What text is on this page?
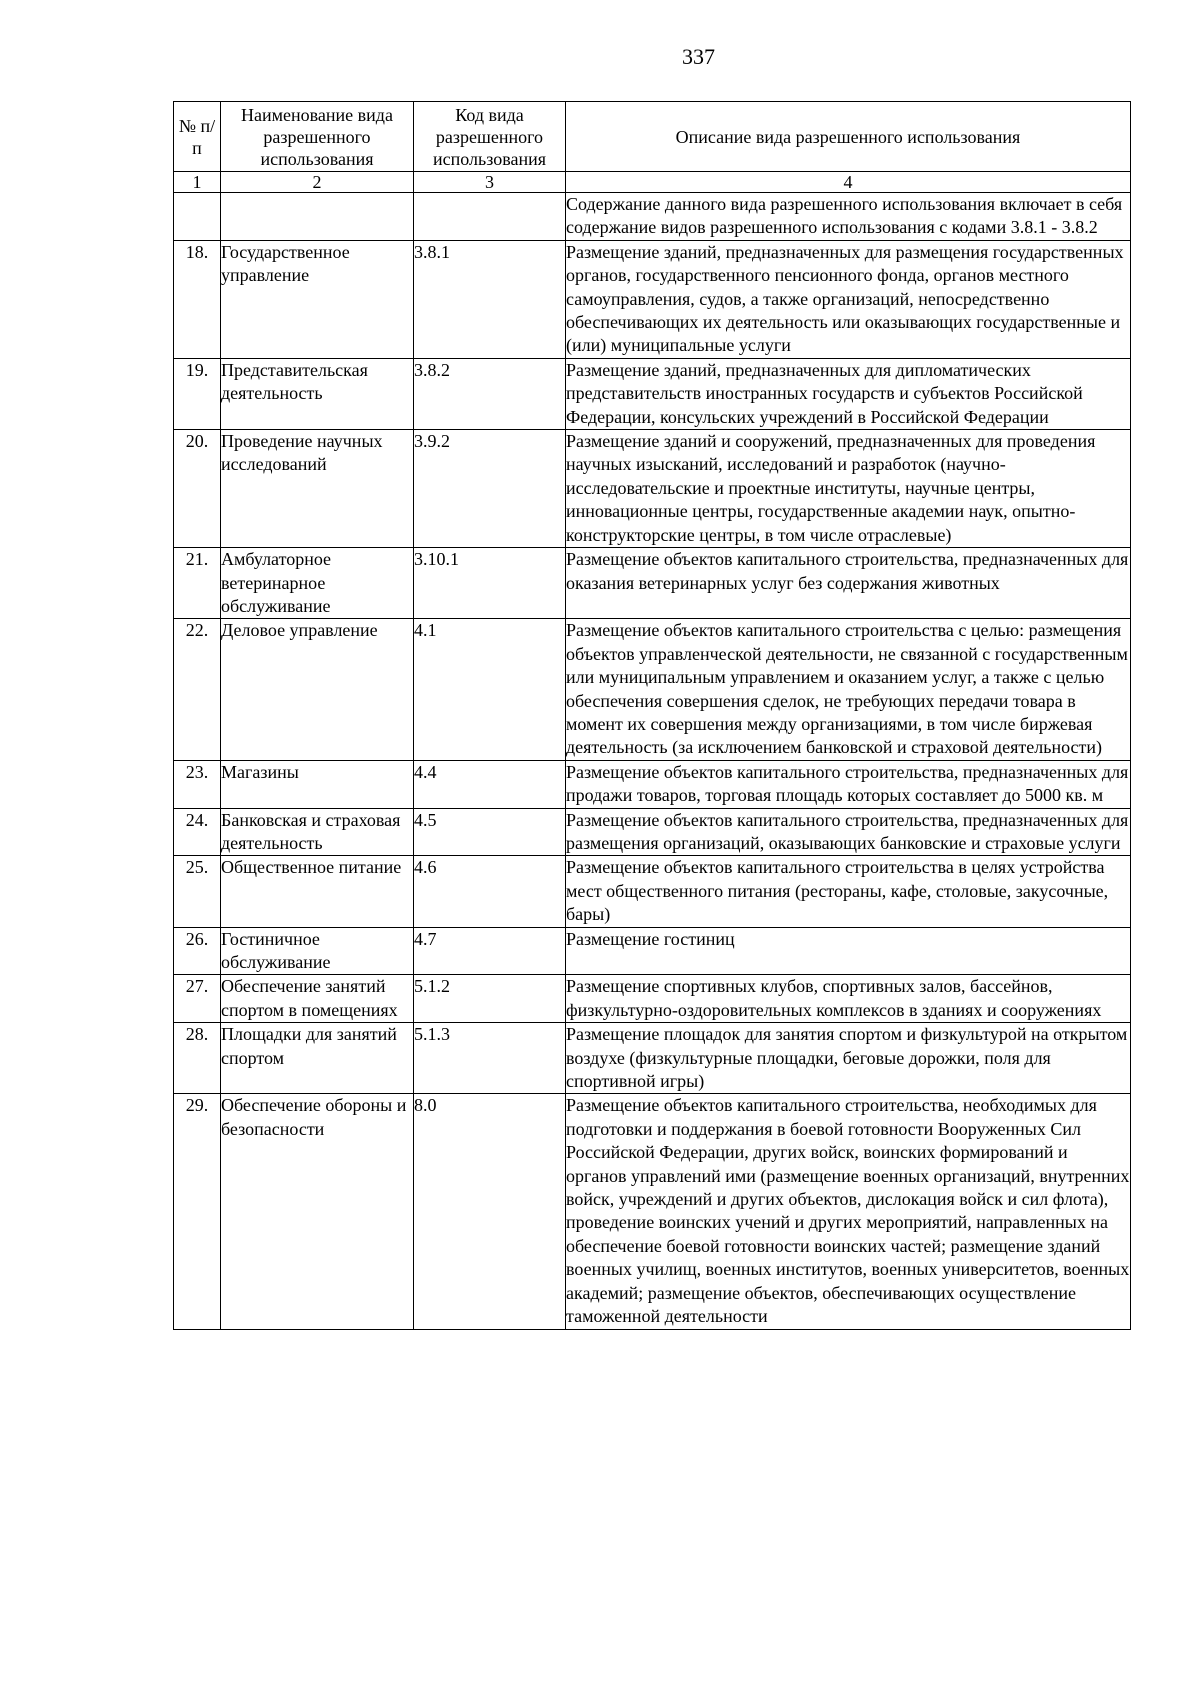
337
№ п/п	Наименование вида разрешенного использования	Код вида разрешенного использования	Описание вида разрешенного использования
1	2	3	4
			Содержание данного вида разрешенного использования включает в себя содержание видов разрешенного использования с кодами 3.8.1 - 3.8.2
18.	Государственное управление	3.8.1	Размещение зданий, предназначенных для размещения государственных органов, государственного пенсионного фонда, органов местного самоуправления, судов, а также организаций, непосредственно обеспечивающих их деятельность или оказывающих государственные и (или) муниципальные услуги
19.	Представительская деятельность	3.8.2	Размещение зданий, предназначенных для дипломатических представительств иностранных государств и субъектов Российской Федерации, консульских учреждений в Российской Федерации
20.	Проведение научных исследований	3.9.2	Размещение зданий и сооружений, предназначенных для проведения научных изысканий, исследований и разработок (научно-исследовательские и проектные институты, научные центры, инновационные центры, государственные академии наук, опытно-конструкторские центры, в том числе отраслевые)
21.	Амбулаторное ветеринарное обслуживание	3.10.1	Размещение объектов капитального строительства, предназначенных для оказания ветеринарных услуг без содержания животных
22.	Деловое управление	4.1	Размещение объектов капитального строительства с целью: размещения объектов управленческой деятельности, не связанной с государственным или муниципальным управлением и оказанием услуг, а также с целью обеспечения совершения сделок, не требующих передачи товара в момент их совершения между организациями, в том числе биржевая деятельность (за исключением банковской и страховой деятельности)
23.	Магазины	4.4	Размещение объектов капитального строительства, предназначенных для продажи товаров, торговая площадь которых составляет до 5000 кв. м
24.	Банковская и страховая деятельность	4.5	Размещение объектов капитального строительства, предназначенных для размещения организаций, оказывающих банковские и страховые услуги
25.	Общественное питание	4.6	Размещение объектов капитального строительства в целях устройства мест общественного питания (рестораны, кафе, столовые, закусочные, бары)
26.	Гостиничное обслуживание	4.7	Размещение гостиниц
27.	Обеспечение занятий спортом в помещениях	5.1.2	Размещение спортивных клубов, спортивных залов, бассейнов, физкультурно-оздоровительных комплексов в зданиях и сооружениях
28.	Площадки для занятий спортом	5.1.3	Размещение площадок для занятия спортом и физкультурой на открытом воздухе (физкультурные площадки, беговые дорожки, поля для спортивной игры)
29.	Обеспечение обороны и безопасности	8.0	Размещение объектов капитального строительства, необходимых для подготовки и поддержания в боевой готовности Вооруженных Сил Российской Федерации, других войск, воинских формирований и органов управлений ими (размещение военных организаций, внутренних войск, учреждений и других объектов, дислокация войск и сил флота), проведение воинских учений и других мероприятий, направленных на обеспечение боевой готовности воинских частей; размещение зданий военных училищ, военных институтов, военных университетов, военных академий; размещение объектов, обеспечивающих осуществление таможенной деятельности
